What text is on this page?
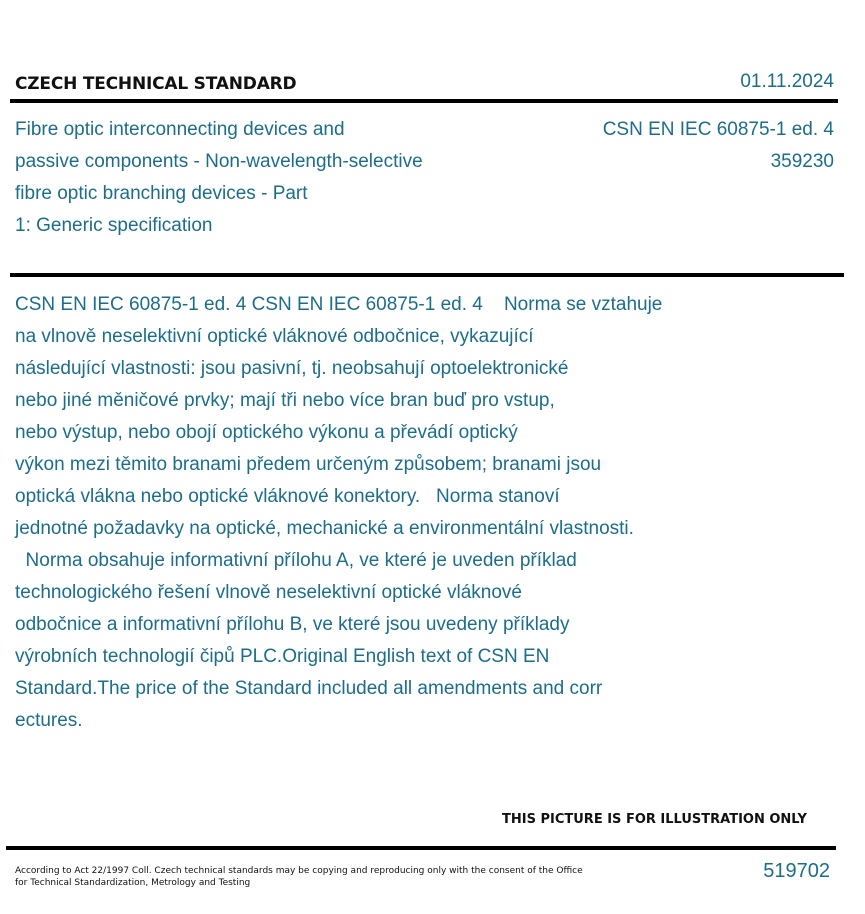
CZECH TECHNICAL STANDARD	01.11.2024
Fibre optic interconnecting devices and
passive components - Non-wavelength-selective
fibre optic branching devices - Part
1: Generic specification
CSN EN IEC 60875-1 ed. 4
359230
CSN EN IEC 60875-1 ed. 4 CSN EN IEC 60875-1 ed. 4    Norma se vztahuje
na vlnově neselektivní optické vláknové odbočnice, vykazující
následující vlastnosti: jsou pasivní, tj. neobsahují optoelektronické
nebo jiné měničové prvky; mají tři nebo více bran buď pro vstup,
nebo výstup, nebo obojí optického výkonu a převádí optický
výkon mezi těmito branami předem určeným způsobem; branami jsou
optická vlákna nebo optické vláknové konektory.   Norma stanoví
jednotné požadavky na optické, mechanické a environmentální vlastnosti.
Norma obsahuje informativní přílohu A, ve které je uveden příklad
technologického řešení vlnově neselektivní optické vláknové
odbočnice a informativní přílohu B, ve které jsou uvedeny příklady
výrobních technologií čipů PLC.Original English text of CSN EN
Standard.The price of the Standard included all amendments and corr
ectures.
THIS PICTURE IS FOR ILLUSTRATION ONLY
According to Act 22/1997 Coll. Czech technical standards may be copying and reproducing only with the consent of the Office
for Technical Standardization, Metrology and Testing
519702
